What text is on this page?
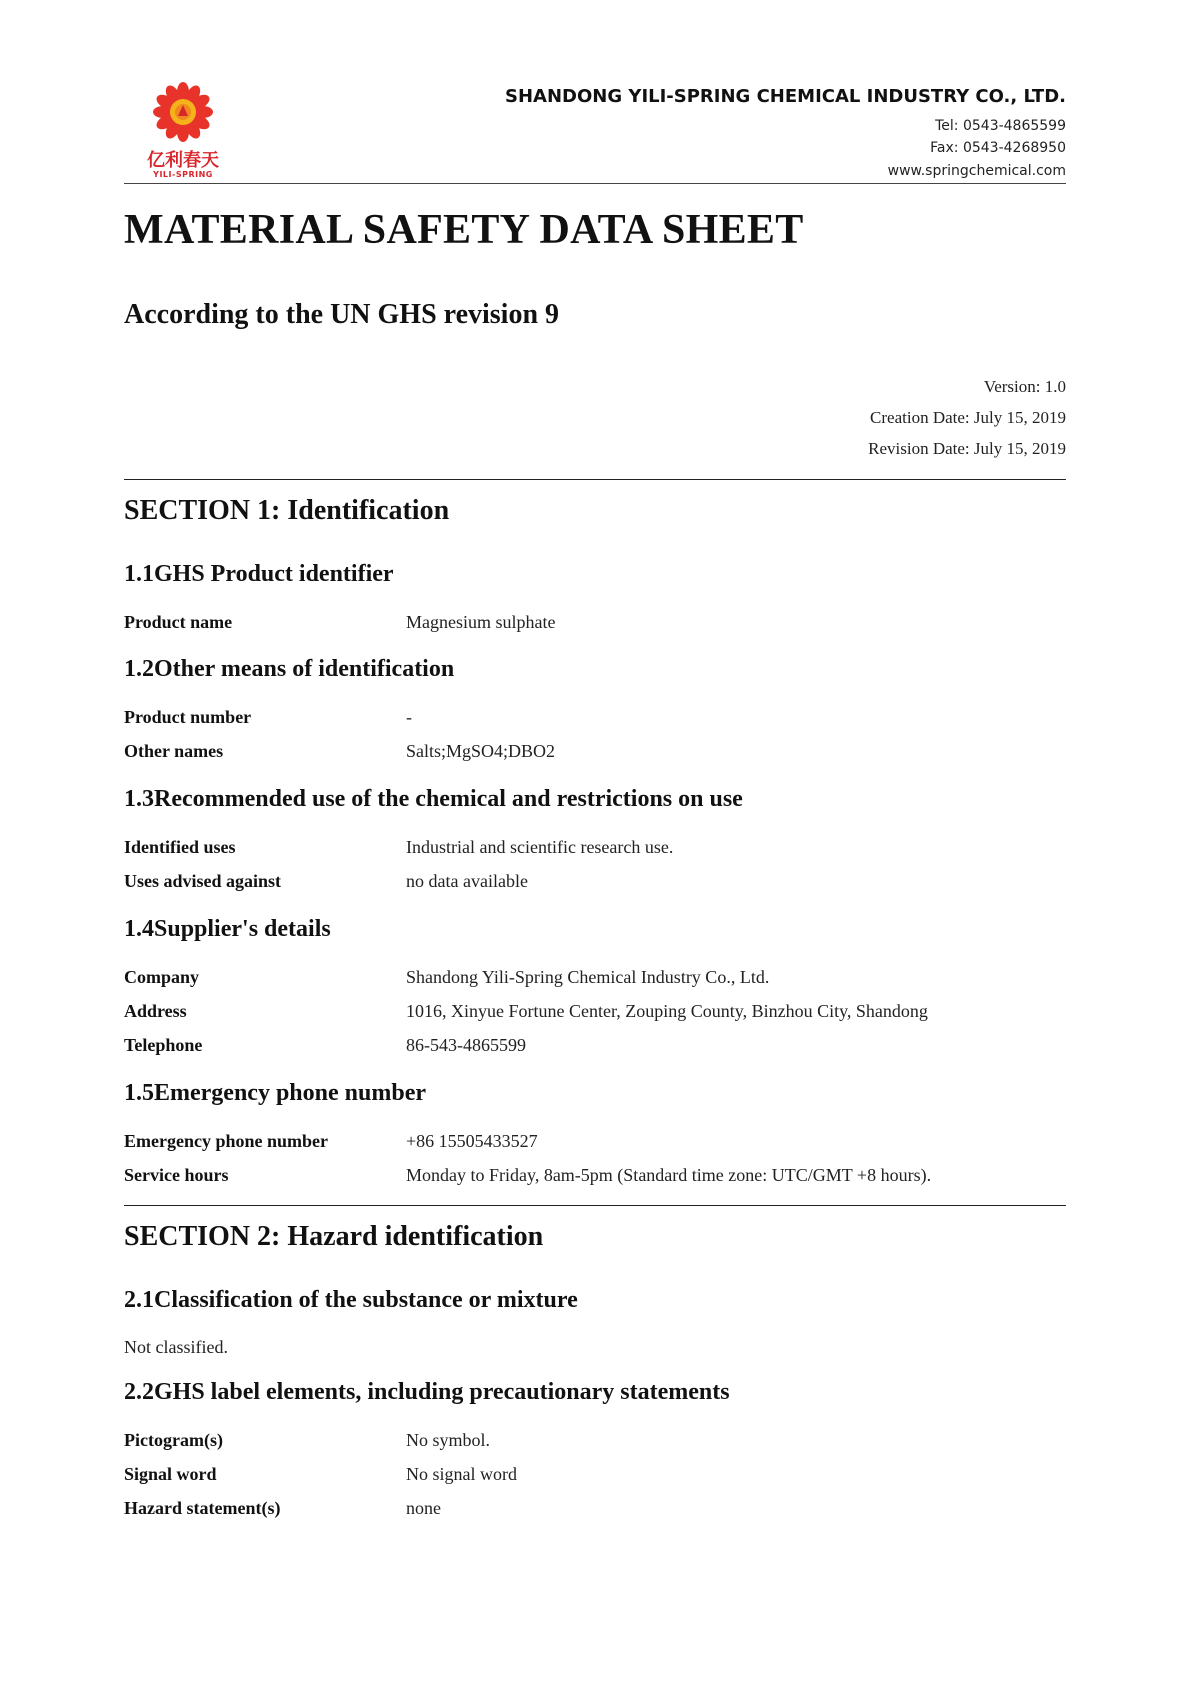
亿利春天
YILI-SPRING
SHANDONG YILI-SPRING CHEMICAL INDUSTRY CO., LTD.
Tel: 0543-4865599
Fax: 0543-4268950
www.springchemical.com
MATERIAL SAFETY DATA SHEET
According to the UN GHS revision 9
Version: 1.0
Creation Date: July 15, 2019
Revision Date: July 15, 2019
SECTION 1: Identification
1.1GHS Product identifier
Product name	Magnesium sulphate
1.2Other means of identification
Product number	-
Other names	Salts;MgSO4;DBO2
1.3Recommended use of the chemical and restrictions on use
Identified uses	Industrial and scientific research use.
Uses advised against	no data available
1.4Supplier's details
Company	Shandong Yili-Spring Chemical Industry Co., Ltd.
Address	1016, Xinyue Fortune Center, Zouping County, Binzhou City, Shandong
Telephone	86-543-4865599
1.5Emergency phone number
Emergency phone number	+86 15505433527
Service hours	Monday to Friday, 8am-5pm (Standard time zone: UTC/GMT +8 hours).
SECTION 2: Hazard identification
2.1Classification of the substance or mixture
Not classified.
2.2GHS label elements, including precautionary statements
Pictogram(s)	No symbol.
Signal word	No signal word
Hazard statement(s)	none
